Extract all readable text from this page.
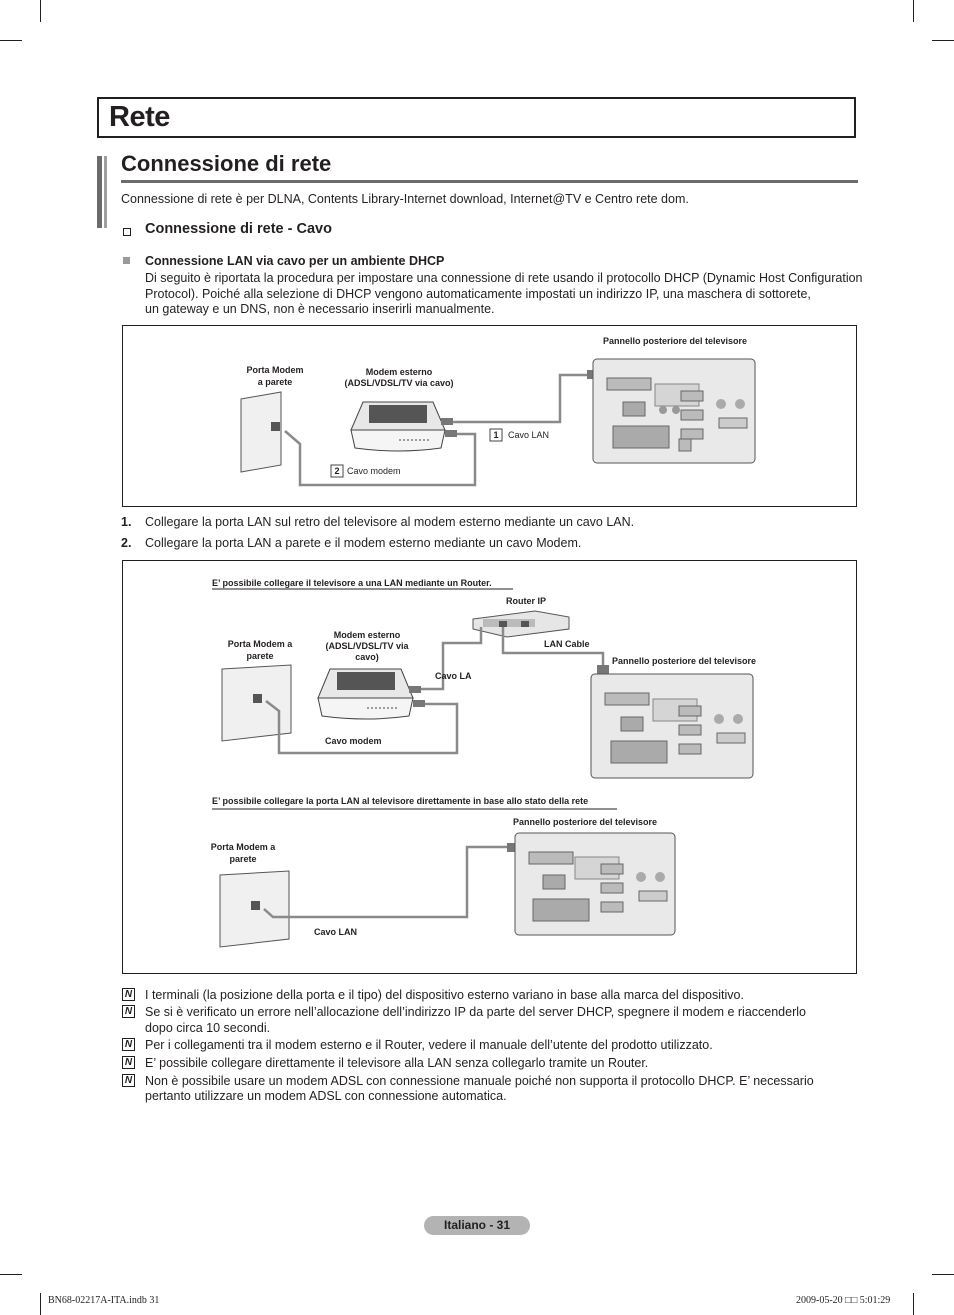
Rete
Connessione di rete
Connessione di rete è per DLNA, Contents Library-Internet download, Internet@TV e Centro rete dom.
Connessione di rete - Cavo
Connessione LAN via cavo per un ambiente DHCP
Di seguito è riportata la procedura per impostare una connessione di rete usando il protocollo DHCP (Dynamic Host Configuration
Protocol). Poiché alla selezione di DHCP vengono automaticamente impostati un indirizzo IP, una maschera di sottorete,
un gateway e un DNS, non è necessario inserirli manualmente.
Porta Modem
a parete
Modem esterno
(ADSL/VDSL/TV via cavo)
Pannello posteriore del televisore
1	Cavo LAN
2 Cavo modem
1. Collegare la porta LAN sul retro del televisore al modem esterno mediante un cavo LAN.
2. Collegare la porta LAN a parete e il modem esterno mediante un cavo Modem.
E’ possibile collegare il televisore a una LAN mediante un Router.
Router IP
Porta Modem a
parete
Modem esterno
(ADSL/VDSL/TV via
cavo)
LAN Cable
Cavo LA
Pannello posteriore del televisore
Cavo modem
E’ possibile collegare la porta LAN al televisore direttamente in base allo stato della rete
Pannello posteriore del televisore
Porta Modem a
parete
Cavo LAN
N I terminali (la posizione della porta e il tipo) del dispositivo esterno variano in base alla marca del dispositivo.
N Se si è verificato un errore nell’allocazione dell’indirizzo IP da parte del server DHCP, spegnere il modem e riaccenderlo
dopo circa 10 secondi.
N Per i collegamenti tra il modem esterno e il Router, vedere il manuale dell’utente del prodotto utilizzato.
N E’ possibile collegare direttamente il televisore alla LAN senza collegarlo tramite un Router.
N Non è possibile usare un modem ADSL con connessione manuale poiché non supporta il protocollo DHCP. E’ necessario
pertanto utilizzare un modem ADSL con connessione automatica.
Italiano - 31
BN68-02217A-ITA.indb 31	2009-05-20 □□ 5:01:29
